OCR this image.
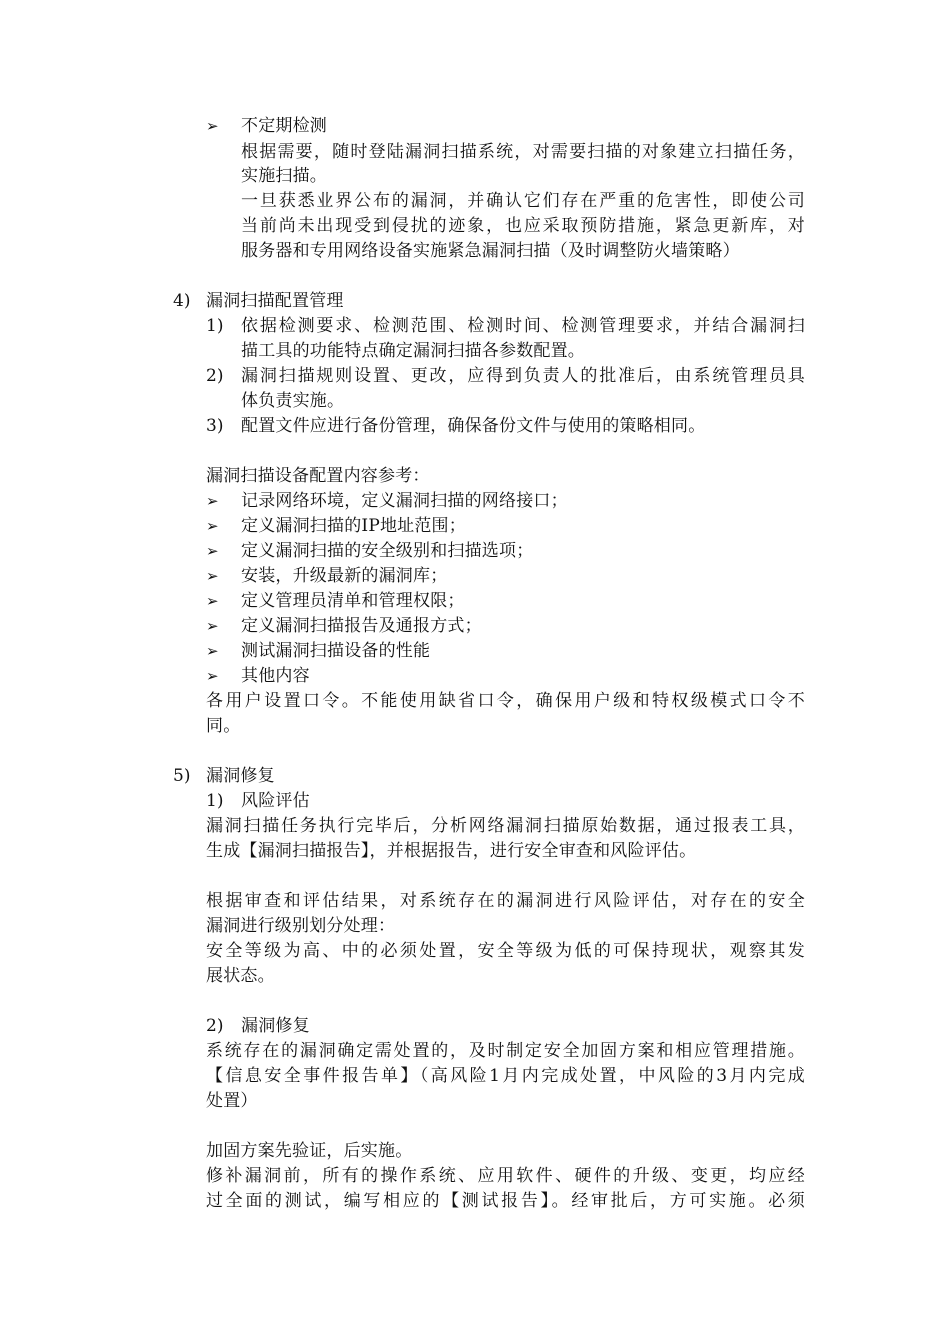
➢ 不定期检测
根据需要，随时登陆漏洞扫描系统，对需要扫描的对象建立扫描任务，
实施扫描。
一旦获悉业界公布的漏洞，并确认它们存在严重的危害性，即使公司
当前尚未出现受到侵扰的迹象，也应采取预防措施，紧急更新库，对
服务器和专用网络设备实施紧急漏洞扫描（及时调整防火墙策略）
4) 漏洞扫描配置管理
1) 依据检测要求、检测范围、检测时间、检测管理要求，并结合漏洞扫
描工具的功能特点确定漏洞扫描各参数配置。
2) 漏洞扫描规则设置、更改，应得到负责人的批准后，由系统管理员具
体负责实施。
3) 配置文件应进行备份管理，确保备份文件与使用的策略相同。
漏洞扫描设备配置内容参考：
➢ 记录网络环境，定义漏洞扫描的网络接口；
➢ 定义漏洞扫描的IP地址范围；
➢ 定义漏洞扫描的安全级别和扫描选项；
➢ 安装，升级最新的漏洞库；
➢ 定义管理员清单和管理权限；
➢ 定义漏洞扫描报告及通报方式；
➢ 测试漏洞扫描设备的性能
➢ 其他内容
各用户设置口令。不能使用缺省口令，确保用户级和特权级模式口令不
同。
5) 漏洞修复
1) 风险评估
漏洞扫描任务执行完毕后，分析网络漏洞扫描原始数据，通过报表工具，
生成【漏洞扫描报告】，并根据报告，进行安全审查和风险评估。
根据审查和评估结果，对系统存在的漏洞进行风险评估，对存在的安全
漏洞进行级别划分处理：
安全等级为高、中的必须处置，安全等级为低的可保持现状，观察其发
展状态。
2) 漏洞修复
系统存在的漏洞确定需处置的，及时制定安全加固方案和相应管理措施。
【信息安全事件报告单】（高风险1月内完成处置，中风险的3月内完成
处置）
加固方案先验证，后实施。
修补漏洞前，所有的操作系统、应用软件、硬件的升级、变更，均应经
过全面的测试，编写相应的【测试报告】。经审批后，方可实施。必须
